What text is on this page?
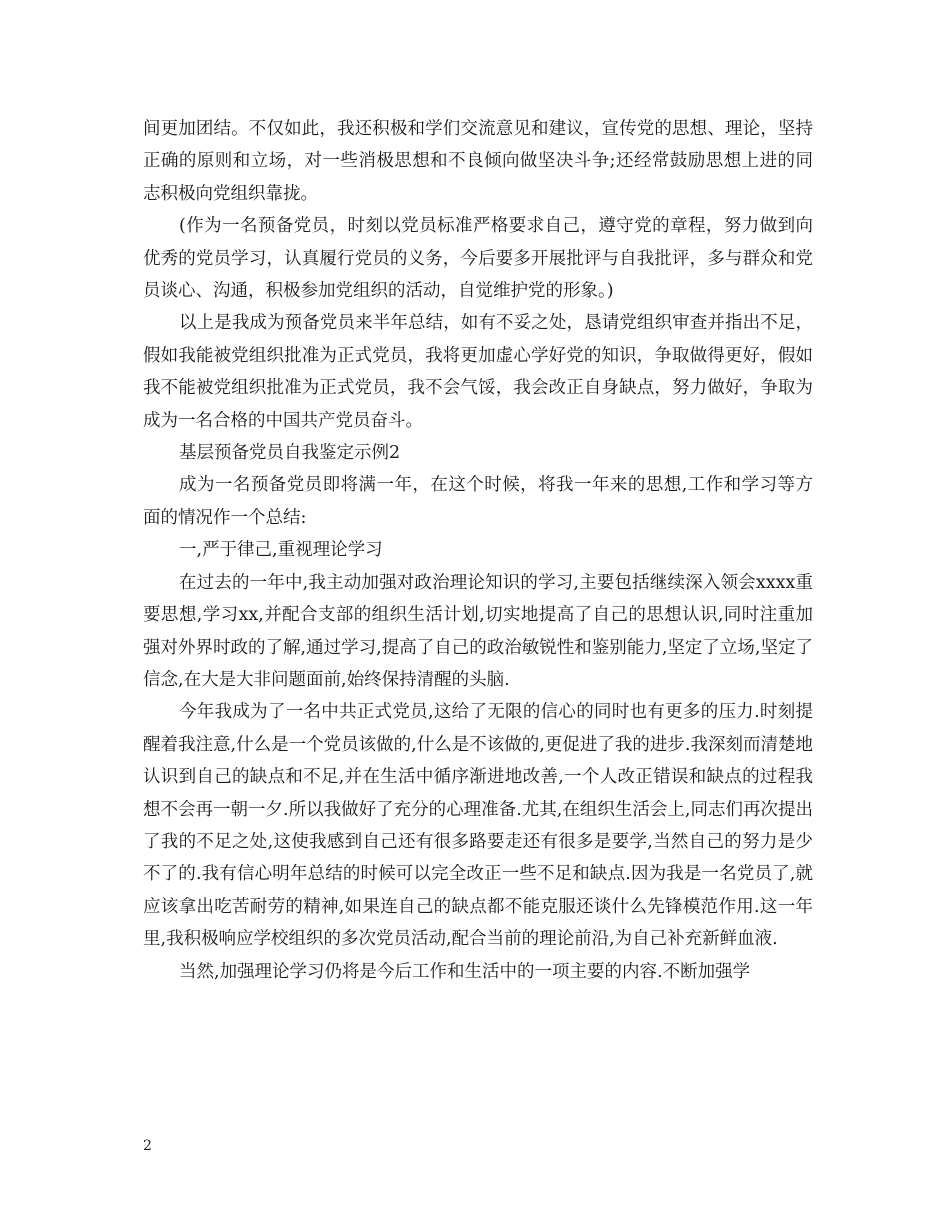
间更加团结。不仅如此，我还积极和学们交流意见和建议，宣传党的思想、理论，坚持正确的原则和立场，对一些消极思想和不良倾向做坚决斗争;还经常鼓励思想上进的同志积极向党组织靠拢。

(作为一名预备党员，时刻以党员标准严格要求自己，遵守党的章程，努力做到向优秀的党员学习，认真履行党员的义务，今后要多开展批评与自我批评，多与群众和党员谈心、沟通，积极参加党组织的活动，自觉维护党的形象。)

以上是我成为预备党员来半年总结，如有不妥之处，恳请党组织审查并指出不足，假如我能被党组织批准为正式党员，我将更加虚心学好党的知识，争取做得更好，假如我不能被党组织批准为正式党员，我不会气馁，我会改正自身缺点，努力做好，争取为成为一名合格的中国共产党员奋斗。

基层预备党员自我鉴定示例2

成为一名预备党员即将满一年，在这个时候，将我一年来的思想,工作和学习等方面的情况作一个总结:

一,严于律己,重视理论学习

在过去的一年中,我主动加强对政治理论知识的学习,主要包括继续深入领会xxxx重要思想,学习xx,并配合支部的组织生活计划,切实地提高了自己的思想认识,同时注重加强对外界时政的了解,通过学习,提高了自己的政治敏锐性和鉴别能力,坚定了立场,坚定了信念,在大是大非问题面前,始终保持清醒的头脑.

今年我成为了一名中共正式党员,这给了无限的信心的同时也有更多的压力.时刻提醒着我注意,什么是一个党员该做的,什么是不该做的,更促进了我的进步.我深刻而清楚地认识到自己的缺点和不足,并在生活中循序渐进地改善,一个人改正错误和缺点的过程我想不会再一朝一夕.所以我做好了充分的心理准备.尤其,在组织生活会上,同志们再次提出了我的不足之处,这使我感到自己还有很多路要走还有很多是要学,当然自己的努力是少不了的.我有信心明年总结的时候可以完全改正一些不足和缺点.因为我是一名党员了,就应该拿出吃苦耐劳的精神,如果连自己的缺点都不能克服还谈什么先锋模范作用.这一年里,我积极响应学校组织的多次党员活动,配合当前的理论前沿,为自己补充新鲜血液.

当然,加强理论学习仍将是今后工作和生活中的一项主要的内容.不断加强学

2
